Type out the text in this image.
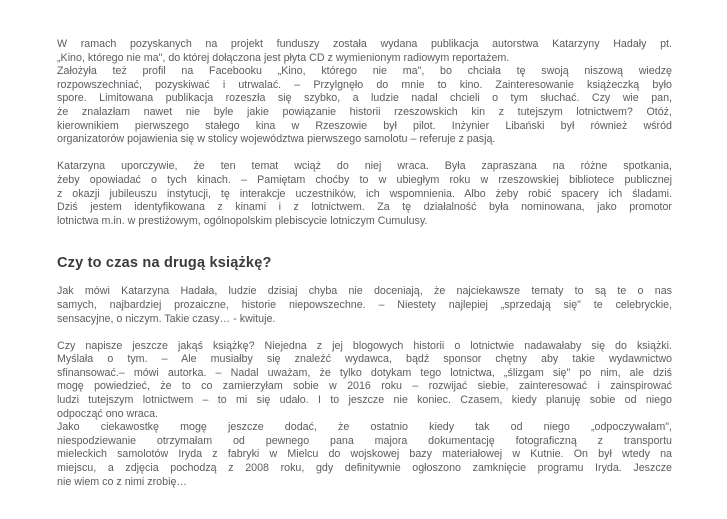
W ramach pozyskanych na projekt funduszy została wydana publikacja autorstwa Katarzyny Hadały pt.
„Kino, którego nie ma", do której dołączona jest płyta CD z wymienionym radiowym reportażem.
Założyła też profil na Facebooku „Kino, którego nie ma", bo chciała tę swoją niszową wiedzę
rozpowszechniać, pozyskiwać i utrwalać. – Przylgnęło do mnie to kino. Zainteresowanie książeczką było
spore. Limitowana publikacja rozeszła się szybko, a ludzie nadal chcieli o tym słuchać. Czy wie pan,
że znalazłam nawet nie byle jakie powiązanie historii rzeszowskich kin z tutejszym lotnictwem? Otóż,
kierownikiem pierwszego stałego kina w Rzeszowie był pilot. Inżynier Libański był również wśród
organizatorów pojawienia się w stolicy województwa pierwszego samolotu – referuje z pasją.
Katarzyna uporczywie, że ten temat wciąż do niej wraca. Była zapraszana na różne spotkania,
żeby opowiadać o tych kinach. – Pamiętam choćby to w ubiegłym roku w rzeszowskiej bibliotece publicznej
z okazji jubileuszu instytucji, tę interakcje uczestników, ich wspomnienia. Albo żeby robić spacery ich śladami.
Dziś jestem identyfikowana z kinami i z lotnictwem. Za tę działalność była nominowana, jako promotor
lotnictwa m.in. w prestiżowym, ogólnopolskim plebiscycie lotniczym Cumulusy.
Czy to czas na drugą książkę?
Jak mówi Katarzyna Hadała, ludzie dzisiaj chyba nie doceniają, że najciekawsze tematy to są te o nas
samych, najbardziej prozaiczne, historie niepowszechne. – Niestety najlepiej „sprzedają się" te celebryckie,
sensacyjne, o niczym. Takie czasy… - kwituje.
Czy napisze jeszcze jakąś książkę? Niejedna z jej blogowych historii o lotnictwie nadawałaby się do książki.
Myślała o tym. – Ale musiałby się znaleźć wydawca, bądź sponsor chętny aby takie wydawnictwo
sfinansować.– mówi autorka. – Nadal uważam, że tylko dotykam tego lotnictwa, „ślizgam się" po nim, ale dziś
mogę powiedzieć, że to co zamierzyłam sobie w 2016 roku – rozwijać siebie, zainteresować i zainspirować
ludzi tutejszym lotnictwem – to mi się udało. I to jeszcze nie koniec. Czasem, kiedy planuję sobie od niego
odpocząć ono wraca.
Jako ciekawostkę mogę jeszcze dodać, że ostatnio kiedy tak od niego „odpoczywałam",
niespodziewanie otrzymałam od pewnego pana majora dokumentację fotograficzną z transportu
mieleckich samolotów Iryda z fabryki w Mielcu do wojskowej bazy materiałowej w Kutnie. On był wtedy na
miejscu, a zdjęcia pochodzą z 2008 roku, gdy definitywnie ogłoszono zamknięcie programu Iryda. Jeszcze
nie wiem co z nimi zrobię…
